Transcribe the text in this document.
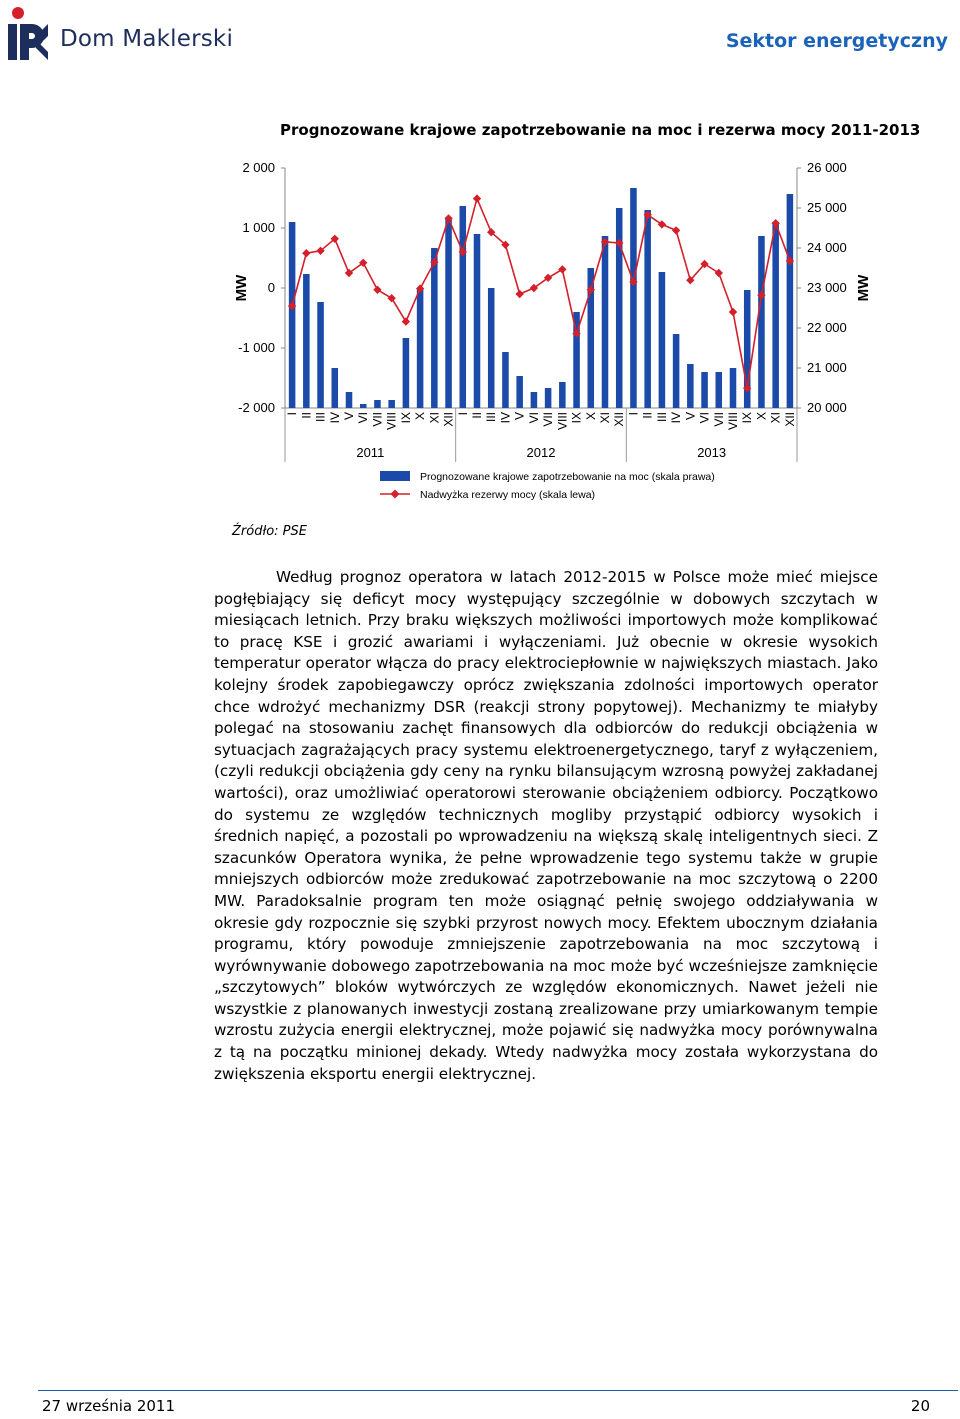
Dom Maklerski	Sektor energetyczny
Prognozowane krajowe zapotrzebowanie na moc i rezerwa mocy 2011-2013
2 000
1 000
0
-1 000
-2 000
26 000
25 000
24 000
23 000
22 000
21 000
20 000
MW	MW
I II III IV V VI VII VIII IX X XI XII I II III IV V VI VII VIII IX X XI XII I II III IV V VI VII VIII IX X XI XII
2011	2012	2013
Prognozowane krajowe zapotrzebowanie na moc (skala prawa)
Nadwyżka rezerwy mocy (skala lewa)
Źródło: PSE

Według prognoz operatora w latach 2012-2015 w Polsce może mieć miejsce pogłębiający się deficyt mocy występujący szczególnie w dobowych szczytach w miesiącach letnich. Przy braku większych możliwości importowych może komplikować to pracę KSE i grozić awariami i wyłączeniami. Już obecnie w okresie wysokich temperatur operator włącza do pracy elektrociepłownie w największych miastach. Jako kolejny środek zapobiegawczy oprócz zwiększania zdolności importowych operator chce wdrożyć mechanizmy DSR (reakcji strony popytowej). Mechanizmy te miałyby polegać na stosowaniu zachęt finansowych dla odbiorców do redukcji obciążenia w sytuacjach zagrażających pracy systemu elektroenergetycznego, taryf z wyłączeniem, (czyli redukcji obciążenia gdy ceny na rynku bilansującym wzrosną powyżej zakładanej wartości), oraz umożliwiać operatorowi sterowanie obciążeniem odbiorcy. Początkowo do systemu ze względów technicznych mogliby przystąpić odbiorcy wysokich i średnich napięć, a pozostali po wprowadzeniu na większą skalę inteligentnych sieci. Z szacunków Operatora wynika, że pełne wprowadzenie tego systemu także w grupie mniejszych odbiorców może zredukować zapotrzebowanie na moc szczytową o 2200 MW. Paradoksalnie program ten może osiągnąć pełnię swojego oddziaływania w okresie gdy rozpocznie się szybki przyrost nowych mocy. Efektem ubocznym działania programu, który powoduje zmniejszenie zapotrzebowania na moc szczytową i wyrównywanie dobowego zapotrzebowania na moc może być wcześniejsze zamknięcie „szczytowych” bloków wytwórczych ze względów ekonomicznych. Nawet jeżeli nie wszystkie z planowanych inwestycji zostaną zrealizowane przy umiarkowanym tempie wzrostu zużycia energii elektrycznej, może pojawić się nadwyżka mocy porównywalna z tą na początku minionej dekady. Wtedy nadwyżka mocy została wykorzystana do zwiększenia eksportu energii elektrycznej.

27 września 2011	20
